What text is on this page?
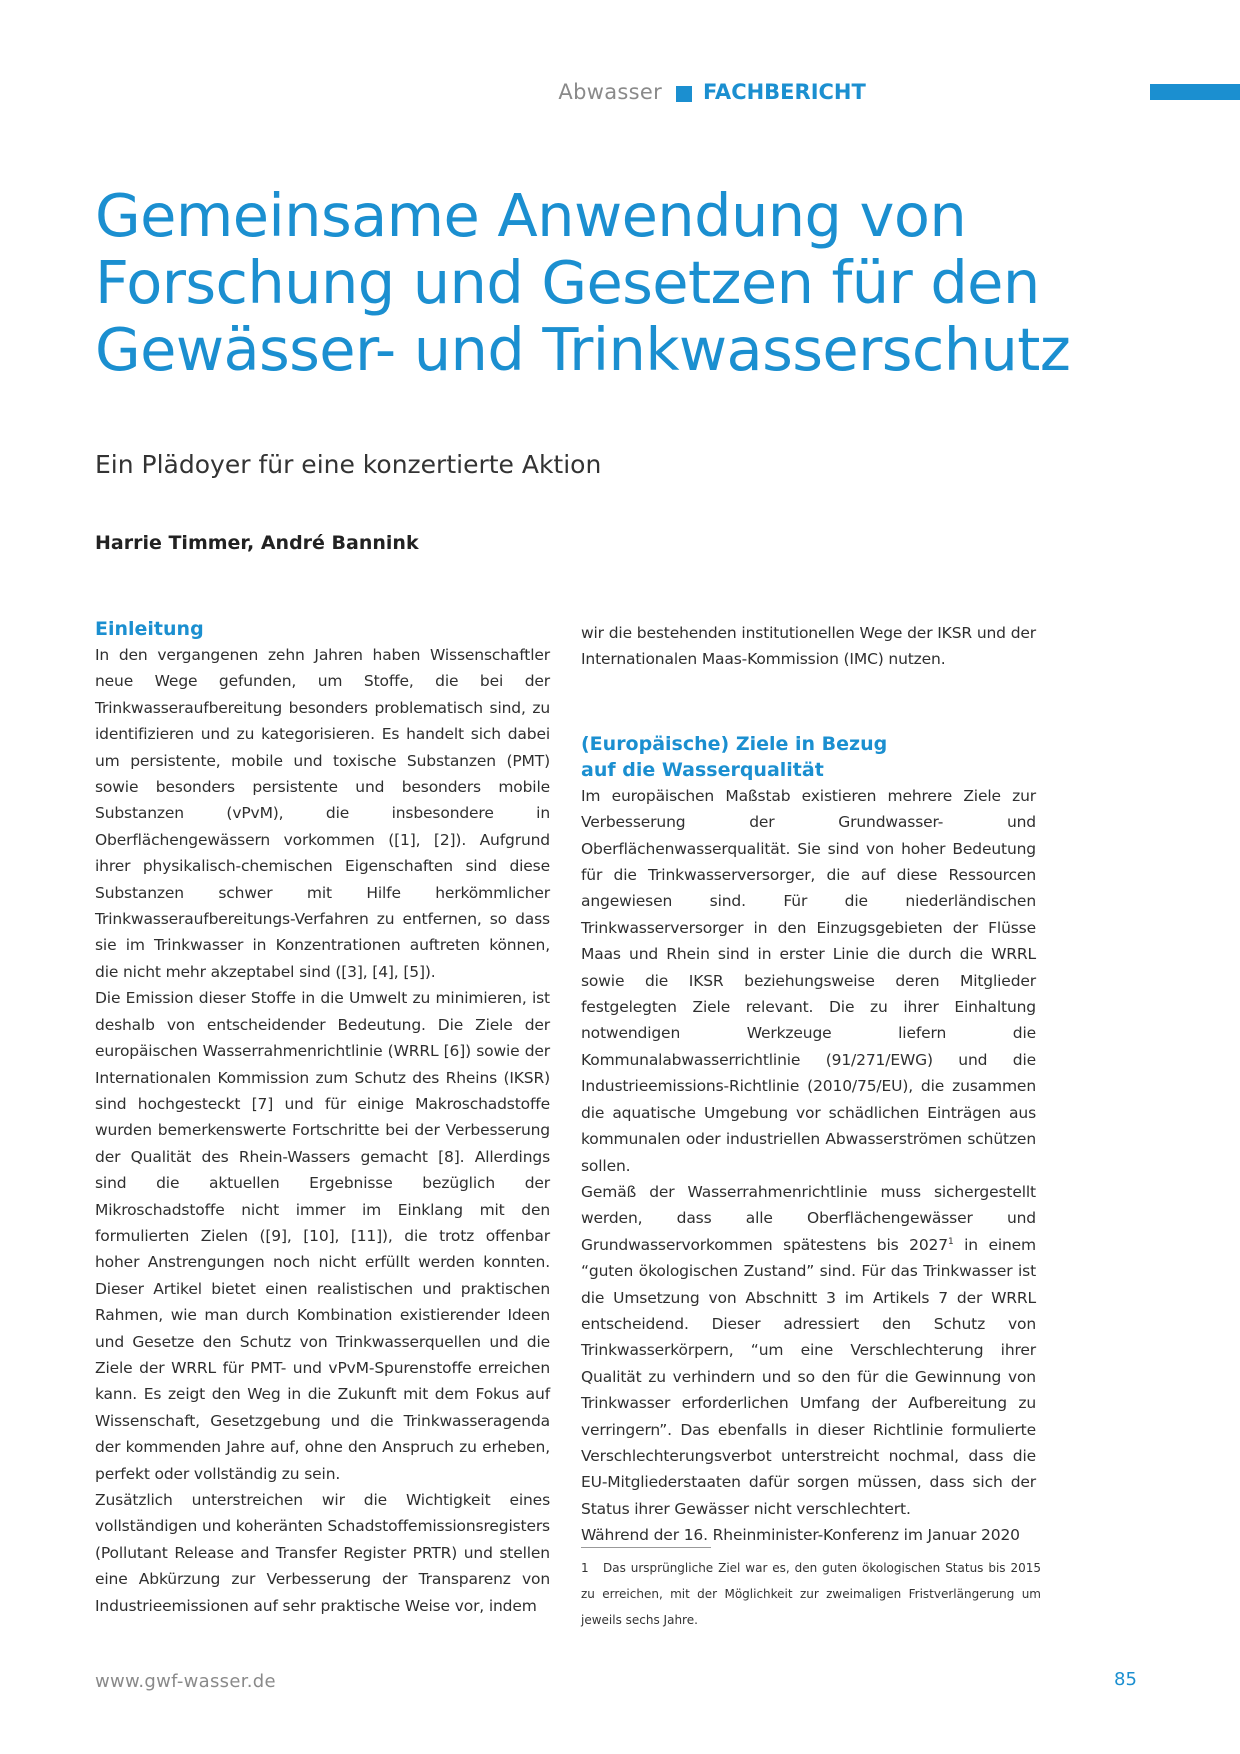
Abwasser FACHBERICHT
Gemeinsame Anwendung von
Forschung und Gesetzen für den
Gewässer- und Trinkwasserschutz
Ein Plädoyer für eine konzertierte Aktion
Harrie Timmer, André Bannink
Einleitung

In den vergangenen zehn Jahren haben Wissenschaftler neue Wege gefunden, um Stoffe, die bei der Trinkwasseraufbereitung besonders problematisch sind, zu identifizieren und zu kategorisieren. Es handelt sich dabei um persistente, mobile und toxische Substanzen (PMT) sowie besonders persistente und besonders mobile Substanzen (vPvM), die insbesondere in Oberflächengewässern vorkommen ([1], [2]). Aufgrund ihrer physikalisch-chemischen Eigenschaften sind diese Substanzen schwer mit Hilfe herkömmlicher Trinkwasseraufbereitungs-Verfahren zu entfernen, so dass sie im Trinkwasser in Konzentrationen auftreten können, die nicht mehr akzeptabel sind ([3], [4], [5]).

Die Emission dieser Stoffe in die Umwelt zu minimieren, ist deshalb von entscheidender Bedeutung. Die Ziele der europäischen Wasserrahmenrichtlinie (WRRL [6]) sowie der Internationalen Kommission zum Schutz des Rheins (IKSR) sind hochgesteckt [7] und für einige Makroschadstoffe wurden bemerkenswerte Fortschritte bei der Verbesserung der Qualität des Rhein-Wassers gemacht [8]. Allerdings sind die aktuellen Ergebnisse bezüglich der Mikroschadstoffe nicht immer im Einklang mit den formulierten Zielen ([9], [10], [11]), die trotz offenbar hoher Anstrengungen noch nicht erfüllt werden konnten. Dieser Artikel bietet einen realistischen und praktischen Rahmen, wie man durch Kombination existierender Ideen und Gesetze den Schutz von Trinkwasserquellen und die Ziele der WRRL für PMT- und vPvM-Spurenstoffe erreichen kann. Es zeigt den Weg in die Zukunft mit dem Fokus auf Wissenschaft, Gesetzgebung und die Trinkwasseragenda der kommenden Jahre auf, ohne den Anspruch zu erheben, perfekt oder vollständig zu sein.

Zusätzlich unterstreichen wir die Wichtigkeit eines vollständigen und koheränten Schadstoffemissionsregisters (Pollutant Release and Transfer Register PRTR) und stellen eine Abkürzung zur Verbesserung der Transparenz von Industrieemissionen auf sehr praktische Weise vor, indem

wir die bestehenden institutionellen Wege der IKSR und der Internationalen Maas-Kommission (IMC) nutzen.

(Europäische) Ziele in Bezug
auf die Wasserqualität

Im europäischen Maßstab existieren mehrere Ziele zur Verbesserung der Grundwasser- und Oberflächenwasserqualität. Sie sind von hoher Bedeutung für die Trinkwasserversorger, die auf diese Ressourcen angewiesen sind. Für die niederländischen Trinkwasserversorger in den Einzugsgebieten der Flüsse Maas und Rhein sind in erster Linie die durch die WRRL sowie die IKSR beziehungsweise deren Mitglieder festgelegten Ziele relevant. Die zu ihrer Einhaltung notwendigen Werkzeuge liefern die Kommunalabwasserrichtlinie (91/271/EWG) und die Industrieemissions-Richtlinie (2010/75/EU), die zusammen die aquatische Umgebung vor schädlichen Einträgen aus kommunalen oder industriellen Abwasserströmen schützen sollen.

Gemäß der Wasserrahmenrichtlinie muss sichergestellt werden, dass alle Oberflächengewässer und Grundwasservorkommen spätestens bis 2027$^1$ in einem “guten ökologischen Zustand” sind. Für das Trinkwasser ist die Umsetzung von Abschnitt 3 im Artikels 7 der WRRL entscheidend. Dieser adressiert den Schutz von Trinkwasserkörpern, “um eine Verschlechterung ihrer Qualität zu verhindern und so den für die Gewinnung von Trinkwasser erforderlichen Umfang der Aufbereitung zu verringern”. Das ebenfalls in dieser Richtlinie formulierte Verschlechterungsverbot unterstreicht nochmal, dass die EU-Mitgliederstaaten dafür sorgen müssen, dass sich der Status ihrer Gewässer nicht verschlechtert.

Während der 16. Rheinminister-Konferenz im Januar 2020

1 Das ursprüngliche Ziel war es, den guten ökologischen Status bis 2015 zu erreichen, mit der Möglichkeit zur zweimaligen Fristverlängerung um jeweils sechs Jahre.
www.gwf-wasser.de	85
